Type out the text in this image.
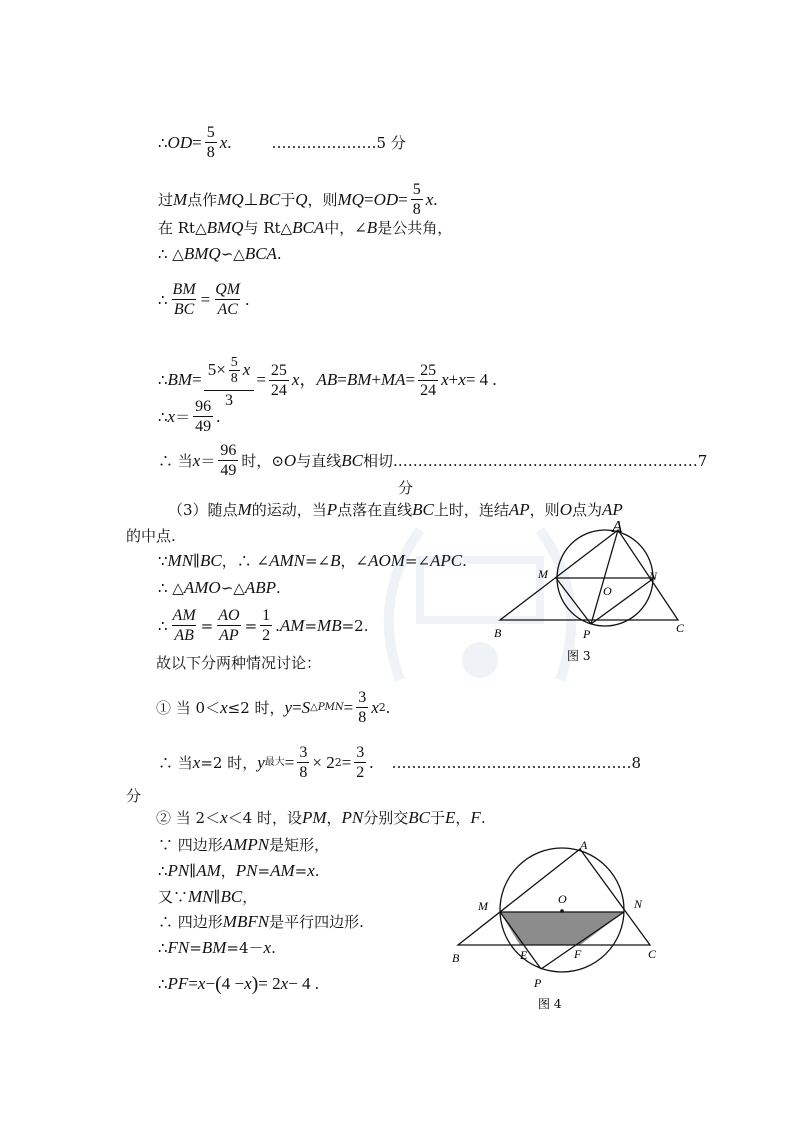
∴ OD = $\frac{5}{8}$ x .	………………… 5 分
过 M 点作 MQ ⊥ BC 于 Q ，则 MQ = OD = $\frac{5}{8}$ x .
在 Rt△ BMQ 与 Rt△ BCA 中，∠ B 是公共角，
∴ △ BMQ ∽ △ BCA .
∴ $\frac{BM}{BC} = \frac{QM}{AC}$ .
∴ BM = $\frac{5\times \frac{5}{8} x}{3} = \frac{25}{24}$ x ， AB = BM + MA = $\frac{25}{24}$ x + x = 4 .
∴ $x = \frac{96}{49}$ .
∴ 当 $x = \frac{96}{49}$ 时，⊙ O 与直线 BC 相切. ……………………………………………………7
分
（3）随点 M 的运动，当 P 点落在直线 BC 上时，连结 AP ，则 O 点为 AP
的中点.
∵ MN ∥ BC ，∴ ∠ AMN =∠ B ，∠ AOM =∠ APC .
∴ △ AMO ∽ △ ABP .
∴ $\frac{AM}{AB} = \frac{AO}{AP} = \frac{1}{2}$ . AM = MB =2.
故以下分两种情况讨论：
① 当 0＜ x ≤2 时， y = S △PMN = $\frac{3}{8}$ x 2 .
∴ 当 x =2 时， y 最大 = $\frac{3}{8} \times 2$ $2 = \frac{3}{2}$ . …………………………………………8
分
② 当 2＜ x ＜4 时，设 PM ， PN 分别交 BC 于 E ， F .
∵ 四边形 AMPN 是矩形，
∴ PN ∥ AM ， PN = AM = x .
又∵ MN ∥ BC ，
∴ 四边形 MBFN 是平行四边形.
∴ FN = BM =4－ x .
∴ PF = x − ( 4 − x ) = 2 x − 4 .
A
M	N
O
B	P	C
图 3
A
O
M	N
B	E	F	C
P
图 4
